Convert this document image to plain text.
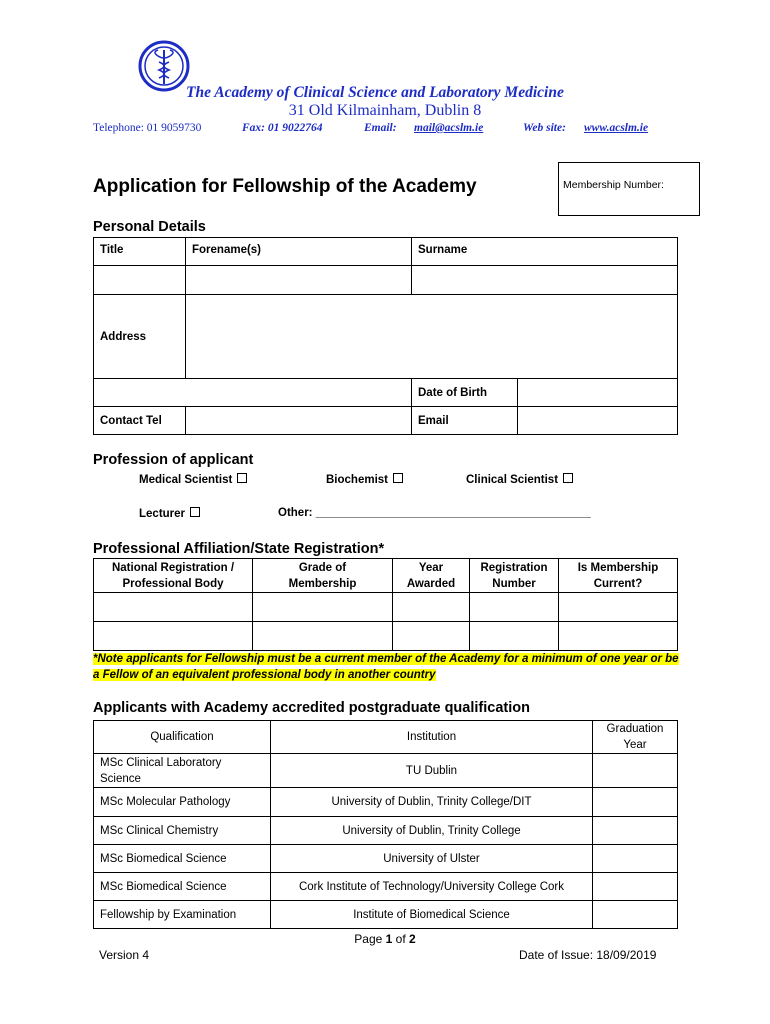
The Academy of Clinical Science and Laboratory Medicine
31 Old Kilmainham, Dublin 8
Telephone: 01 9059730	Fax: 01 9022764	Email: mail@acslm.ie	Web site: www.acslm.ie
Application for Fellowship of the Academy	Membership Number:
Personal Details
Title	Forename(s)	Surname	

Address			
		Date of Birth	
Contact Tel		Email	
Profession of applicant
Medical Scientist	Biochemist	Clinical Scientist
Lecturer	Other: ___________________________________________
Professional Affiliation/State Registration*
National Registration / Professional Body	Grade of Membership	Year Awarded	Registration Number	Is Membership Current?

*Note applicants for Fellowship must be a current member of the Academy for a minimum of one year or be a Fellow of an equivalent professional body in another country
Applicants with Academy accredited postgraduate qualification
Qualification	Institution	Graduation Year
MSc Clinical Laboratory Science	TU Dublin	
MSc Molecular Pathology	University of Dublin, Trinity College/DIT	
MSc Clinical Chemistry	University of Dublin, Trinity College	
MSc Biomedical Science	University of Ulster	
MSc Biomedical Science	Cork Institute of Technology/University College Cork	
Fellowship by Examination	Institute of Biomedical Science	
Page 1 of 2
Version 4	Date of Issue: 18/09/2019
